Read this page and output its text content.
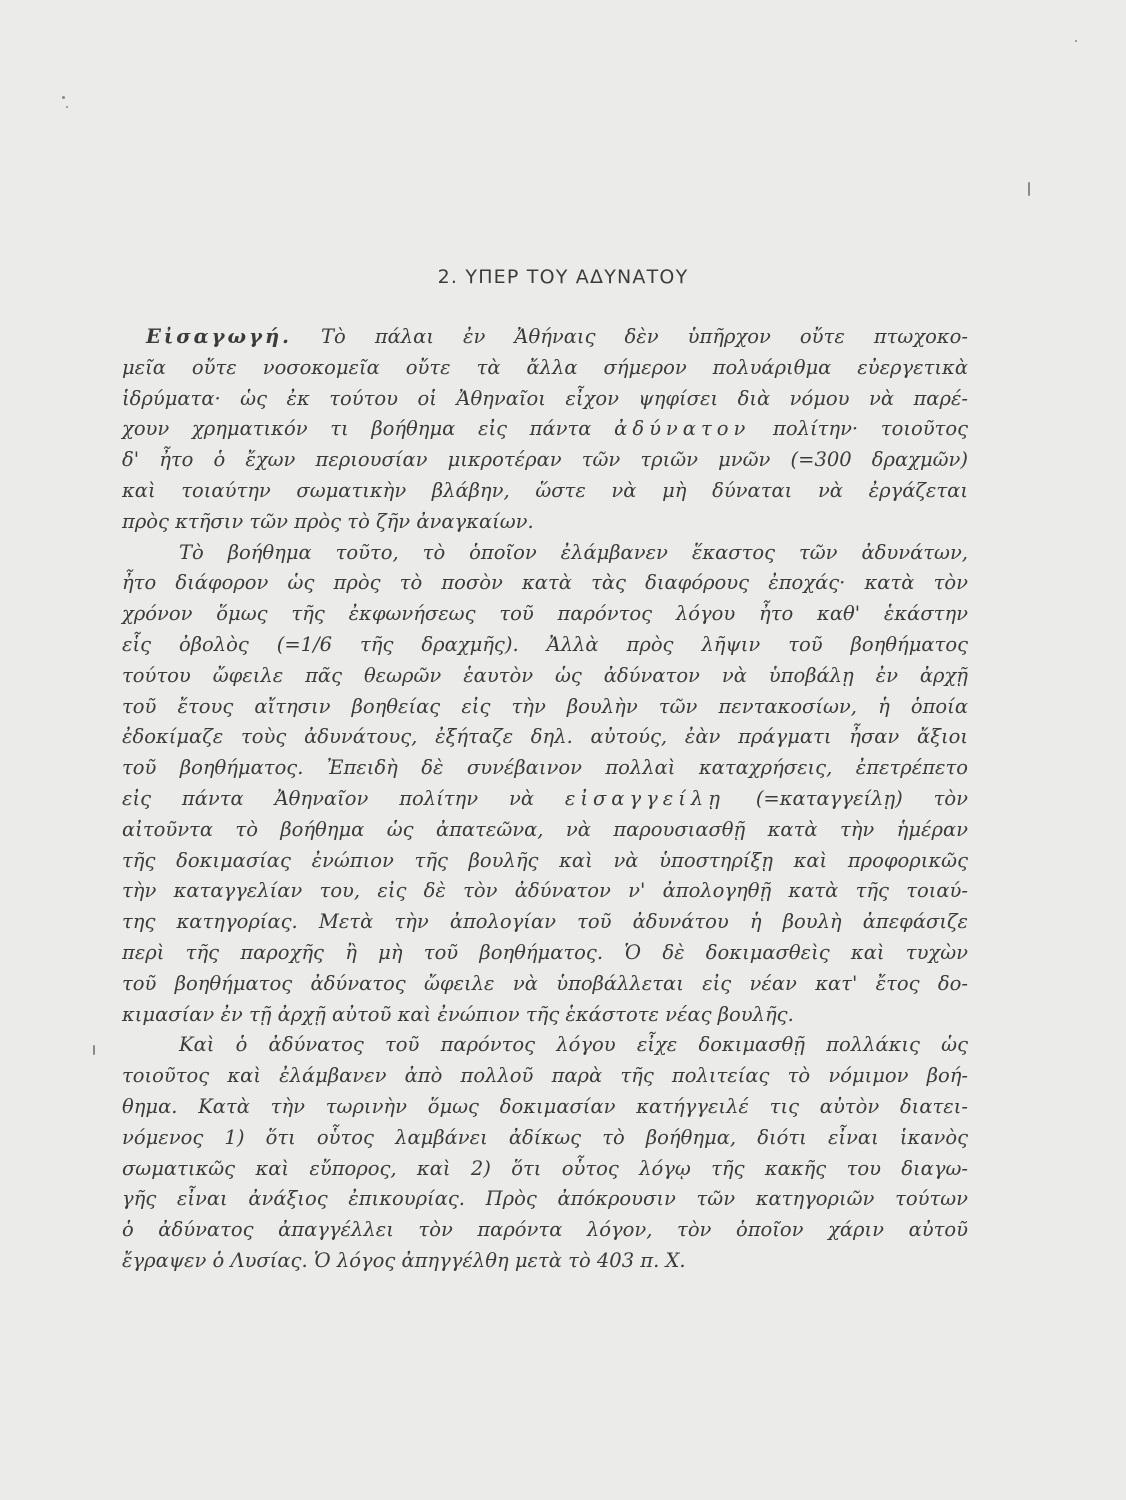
2. ΥΠΕΡ ΤΟΥ ΑΔΥΝΑΤΟΥ
Εἰσαγωγή. Τὸ πάλαι ἐν Ἀθήναις δὲν ὑπῆρχον οὔτε πτωχοκο-
μεῖα οὔτε νοσοκομεῖα οὔτε τὰ ἄλλα σήμερον πολυάριθμα εὐεργετικὰ
ἱδρύματα· ὡς ἐκ τούτου οἱ Ἀθηναῖοι εἶχον ψηφίσει διὰ νόμου νὰ παρέ-
χουν χρηματικόν τι βοήθημα εἰς πάντα ἀδύνατον πολίτην· τοιοῦτος
δ' ἦτο ὁ ἔχων περιουσίαν μικροτέραν τῶν τριῶν μνῶν (=300 δραχμῶν)
καὶ τοιαύτην σωματικὴν βλάβην, ὥστε νὰ μὴ δύναται νὰ ἐργάζεται
πρὸς κτῆσιν τῶν πρὸς τὸ ζῆν ἀναγκαίων.
Τὸ βοήθημα τοῦτο, τὸ ὁποῖον ἐλάμβανεν ἕκαστος τῶν ἀδυνάτων,
ἦτο διάφορον ὡς πρὸς τὸ ποσὸν κατὰ τὰς διαφόρους ἐποχάς· κατὰ τὸν
χρόνον ὅμως τῆς ἐκφωνήσεως τοῦ παρόντος λόγου ἦτο καθ' ἑκάστην
εἷς ὀβολὸς (=1/6 τῆς δραχμῆς). Ἀλλὰ πρὸς λῆψιν τοῦ βοηθήματος
τούτου ὤφειλε πᾶς θεωρῶν ἑαυτὸν ὡς ἀδύνατον νὰ ὑποβάλῃ ἐν ἀρχῇ
τοῦ ἔτους αἴτησιν βοηθείας εἰς τὴν βουλὴν τῶν πεντακοσίων, ἡ ὁποία
ἐδοκίμαζε τοὺς ἀδυνάτους, ἐξήταζε δηλ. αὐτούς, ἐὰν πράγματι ἦσαν ἄξιοι
τοῦ βοηθήματος. Ἐπειδὴ δὲ συνέβαινον πολλαὶ καταχρήσεις, ἐπετρέπετο
εἰς πάντα Ἀθηναῖον πολίτην νὰ εἰσαγγείλῃ (=καταγγείλῃ) τὸν
αἰτοῦντα τὸ βοήθημα ὡς ἀπατεῶνα, νὰ παρουσιασθῇ κατὰ τὴν ἡμέραν
τῆς δοκιμασίας ἐνώπιον τῆς βουλῆς καὶ νὰ ὑποστηρίξῃ καὶ προφορικῶς
τὴν καταγγελίαν του, εἰς δὲ τὸν ἀδύνατον ν' ἀπολογηθῇ κατὰ τῆς τοιαύ-
της κατηγορίας. Μετὰ τὴν ἀπολογίαν τοῦ ἀδυνάτου ἡ βουλὴ ἀπεφάσιζε
περὶ τῆς παροχῆς ἢ μὴ τοῦ βοηθήματος. Ὁ δὲ δοκιμασθεὶς καὶ τυχὼν
τοῦ βοηθήματος ἀδύνατος ὤφειλε νὰ ὑποβάλλεται εἰς νέαν κατ' ἔτος δο-
κιμασίαν ἐν τῇ ἀρχῇ αὐτοῦ καὶ ἐνώπιον τῆς ἑκάστοτε νέας βουλῆς.
Καὶ ὁ ἀδύνατος τοῦ παρόντος λόγου εἶχε δοκιμασθῇ πολλάκις ὡς
τοιοῦτος καὶ ἐλάμβανεν ἀπὸ πολλοῦ παρὰ τῆς πολιτείας τὸ νόμιμον βοή-
θημα. Κατὰ τὴν τωρινὴν ὅμως δοκιμασίαν κατήγγειλέ τις αὐτὸν διατει-
νόμενος 1) ὅτι οὗτος λαμβάνει ἀδίκως τὸ βοήθημα, διότι εἶναι ἱκανὸς
σωματικῶς καὶ εὔπορος, καὶ 2) ὅτι οὗτος λόγῳ τῆς κακῆς του διαγω-
γῆς εἶναι ἀνάξιος ἐπικουρίας. Πρὸς ἀπόκρουσιν τῶν κατηγοριῶν τούτων
ὁ ἀδύνατος ἀπαγγέλλει τὸν παρόντα λόγον, τὸν ὁποῖον χάριν αὐτοῦ
ἔγραψεν ὁ Λυσίας. Ὁ λόγος ἀπηγγέλθη μετὰ τὸ 403 π. Χ.
